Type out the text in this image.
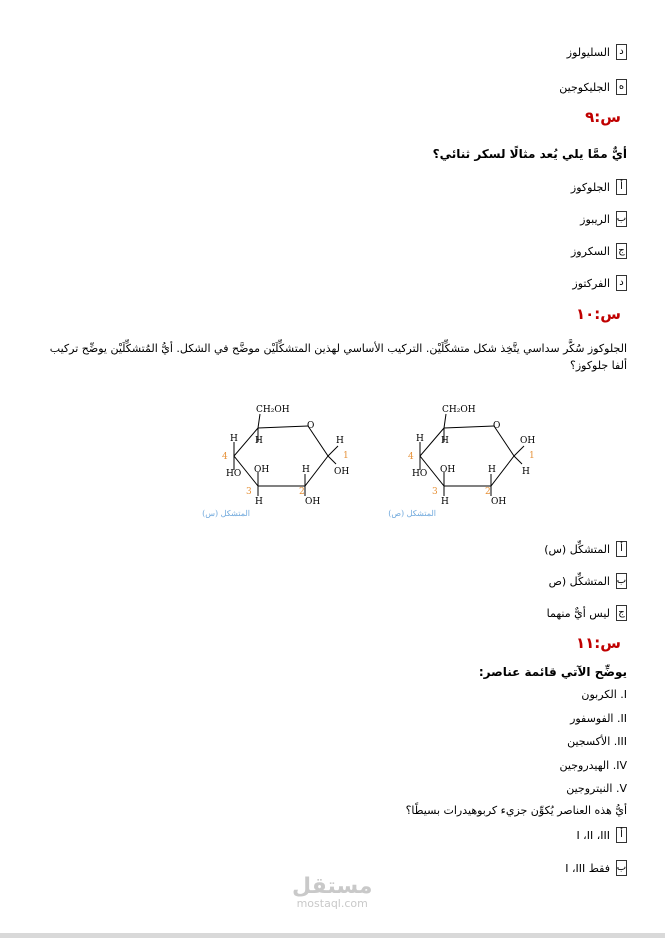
د
السليولوز
ه
الجليكوجين
س:٩
أيٌّ ممَّا يلي يُعد مثالًا لسكر ثنائي؟
أ
الجلوكوز
ب
الريبوز
ج
السكروز
د
الفركتوز
س:١٠
الجلوكوز سُكَّر سداسي يتَّخِذ شكل متشكِّلَيْن. التركيب الأساسي لهذين المتشكِّلَيْن موضَّح في الشكل. أيُّ المُتشكِّلَيْن يوضِّح تركيب ألفا جلوكوز؟
CH₂OH
O
H
H
HO
4
OH
H
3
H
OH
2
H
OH
1
المتشكل (س)
CH₂OH
O
H
H
HO
4
OH
H
3
H
OH
2
OH
H
1
المتشكل (ص)
أ
المتشكِّل (س)
ب
المتشكِّل (ص
ج
ليس أيٌّ منهما
س:١١
يوضِّح الآتي قائمة عناصر:
I. الكربون
II. الفوسفور
III. الأكسجين
IV. الهيدروجين
V. النيتروجين
أيُّ هذه العناصر يُكوِّن جزيء كربوهيدرات بسيطًا؟
أ
I ،II ،III
ب
I ،III فقط
مستقل
mostaql.com
